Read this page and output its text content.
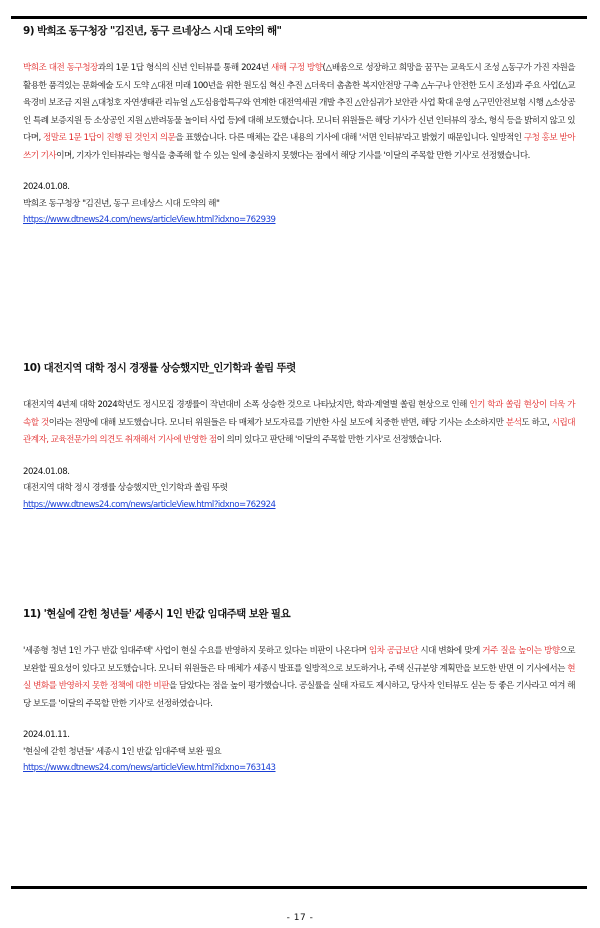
9) 박희조 동구청장 "김진년, 동구 르네상스 시대 도약의 해"
박희조 대전 동구청장과의 1문 1답 형식의 신년 인터뷰를 통해 2024년 새해 구정 방향(△배움으로 성장하고 희망을 꿈꾸는 교육도시 조성 △동구가 가진 자원을 활용한 품격있는 문화예술 도시 도약 △대전 미래 100년을 위한 원도심 혁신 추진 △더욱더 촘촘한 복지안전망 구축 △누구나 안전한 도시 조성)과 주요 사업(△교육경비 보조금 지원 △대청호 자연생태관 리뉴얼 △도심융합특구와 연계한 대전역세권 개발 추진 △안심귀가 보안관 사업 확대 운영 △구민안전보험 시행 △소상공인 특례 보증지원 등 소상공인 지원 △반려동물 놀이터 사업 등)에 대해 보도했습니다. 모니터 위원들은 해당 기사가 신년 인터뷰의 장소, 형식 등을 밝히지 않고 있다며, 정말로 1문 1답이 진행 된 것인지 의문을 표했습니다. 다른 매체는 같은 내용의 기사에 대해 '서면 인터뷰'라고 밝혔기 때문입니다. 일방적인 구청 홍보 받아쓰기 기사이며, 기자가 인터뷰라는 형식을 충족해 할 수 있는 일에 충실하지 못했다는 점에서 해당 기사를 '이달의 주목할 만한 기사'로 선정했습니다.
2024.01.08.
박희조 동구청장 "김진년, 동구 르네상스 시대 도약의 해"
https://www.dtnews24.com/news/articleView.html?idxno=762939
10) 대전지역 대학 정시 경쟁률 상승했지만_인기학과 쏠림 뚜렷
대전지역 4년제 대학 2024학년도 정시모집 경쟁률이 작년대비 소폭 상승한 것으로 나타났지만, 학과·계열별 쏠림 현상으로 인해 인기 학과 쏠림 현상이 더욱 가속할 것이라는 전망에 대해 보도했습니다. 모니터 위원들은 타 매체가 보도자료를 기반한 사실 보도에 치중한 반면, 해당 기사는 소소하지만 분석도 하고, 시립대 관계자, 교육전문가의 의견도 취재해서 기사에 반영한 점이 의미 있다고 판단해 '이달의 주목할 만한 기사'로 선정했습니다.
2024.01.08.
대전지역 대학 정시 경쟁률 상승했지만_인기학과 쏠림 뚜렷
https://www.dtnews24.com/news/articleView.html?idxno=762924
11) '현실에 갇힌 청년들' 세종시 1인 반값 임대주택 보완 필요
'세종형 청년 1인 가구 반값 임대주택' 사업이 현실 수요를 반영하지 못하고 있다는 비판이 나온다며 임차 공급보단 시대 변화에 맞게 거주 질을 높이는 방향으로 보완할 필요성이 있다고 보도했습니다. 모니터 위원들은 타 매체가 세종시 발표를 일방적으로 보도하거나, 주택 신규분양 계획만을 보도한 반면 이 기사에서는 현실 변화를 반영하지 못한 정책에 대한 비판을 담았다는 점을 높이 평가했습니다. 공실률을 실태 자료도 제시하고, 당사자 인터뷰도 싣는 등 좋은 기사라고 여겨 해당 보도를 '이달의 주목할 만한 기사'로 선정하였습니다.
2024.01.11.
'현실에 갇힌 청년들' 세종시 1인 반값 임대주택 보완 필요
https://www.dtnews24.com/news/articleView.html?idxno=763143
- 17 -
